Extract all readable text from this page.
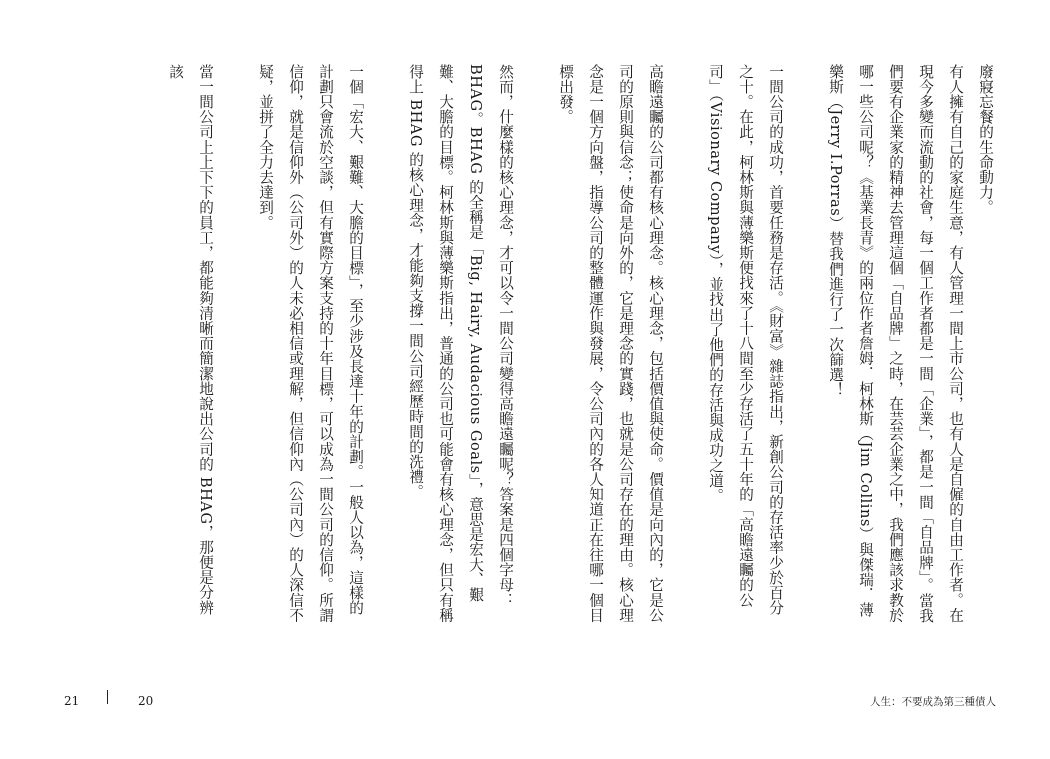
廢寢忘餐的生命動力。

有人擁有自己的家庭生意，有人管理一間上市公司，也有人是自僱的自由工作者。在現今多變而流動的社會，每一個工作者都是一間「企業」，都是一間「自品牌」。當我們要有企業家的精神去管理這個「自品牌」之時，在芸芸企業之中，我們應該求教於哪一些公司呢？《基業長青》的兩位作者詹姆．柯林斯（Jim Collins）與傑瑞．薄樂斯（Jerry I.Porras）替我們進行了一次篩選！

一間公司的成功，首要任務是存活。《財富》雜誌指出，新創公司的存活率少於百分之十。在此，柯林斯與薄樂斯便找來了十八間至少存活了五十年的「高瞻遠矚的公司」（Visionary Company），並找出了他們的存活與成功之道。

高瞻遠矚的公司都有核心理念。核心理念，包括價值與使命。價值是向內的，它是公司的原則與信念；使命是向外的，它是理念的實踐，也就是公司存在的理由。核心理念是一個方向盤，指導公司的整體運作與發展，令公司內的各人知道正在往哪一個目標出發。

然而，什麼樣的核心理念，才可以令一間公司變得高瞻遠矚呢？答案是四個字母：BHAG。BHAG 的全稱是「Big, Hairy, Audacious Goals」，意思是宏大、艱難、大膽的目標。柯林斯與薄樂斯指出，普通的公司也可能會有核心理念，但只有稱得上 BHAG 的核心理念，才能夠支撐一間公司經歷時間的洗禮。

一個「宏大、艱難、大膽的目標」，至少涉及長達十年的計劃。一般人以為，這樣的計劃只會流於空談，但有實際方案支持的十年目標，可以成為一間公司的信仰。所謂信仰，就是信仰外（公司外）的人未必相信或理解，但信仰內（公司內）的人深信不疑，並拼了全力去達到。

當一間公司上上下下的員工，都能夠清晰而簡潔地說出公司的 BHAG，那便是分辨該

21	20	人生：不要成為第三種債人
